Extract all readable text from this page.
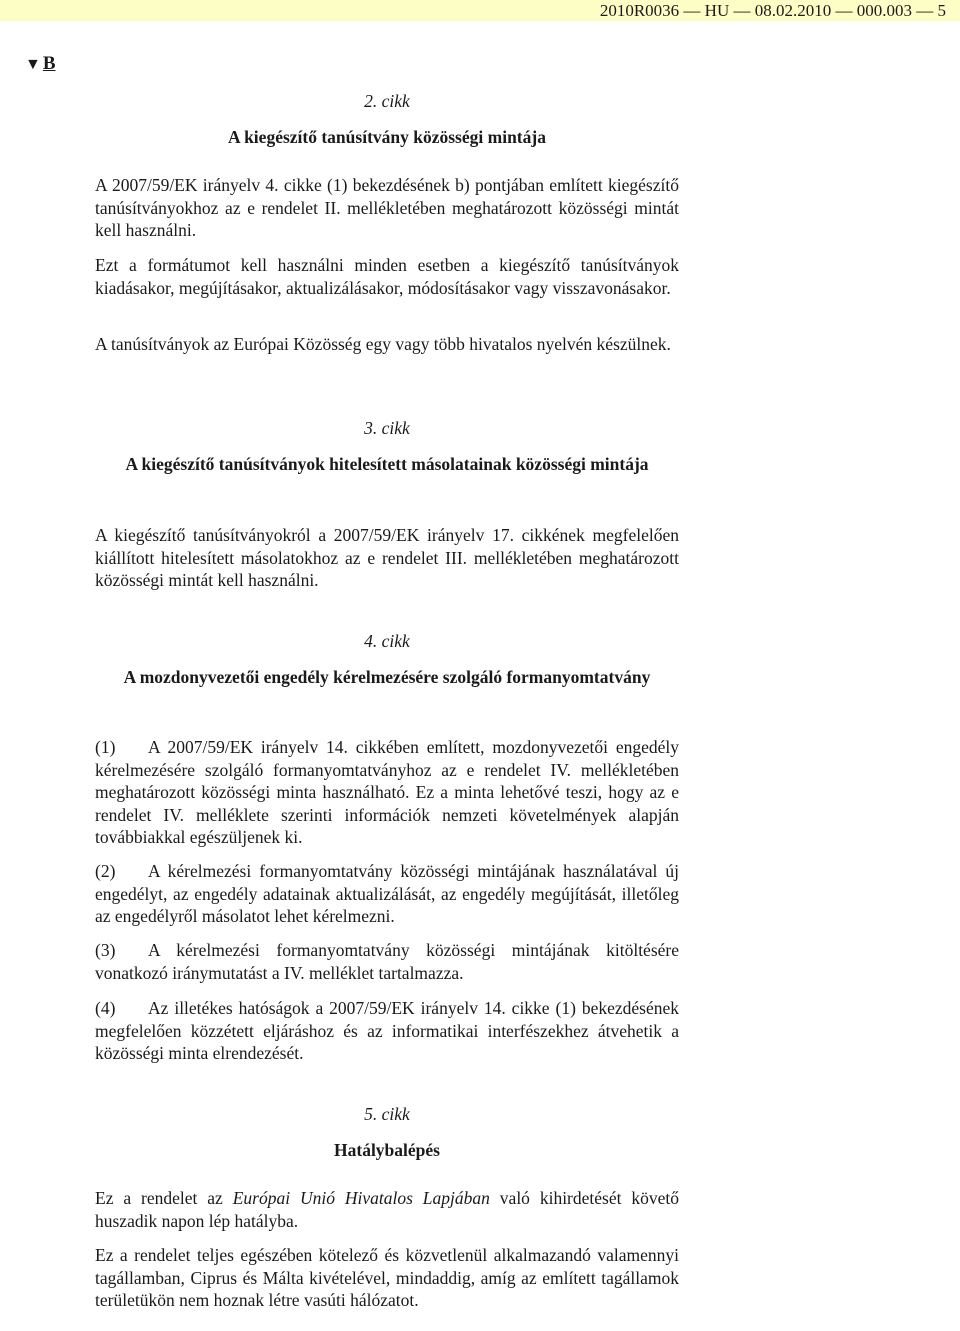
2010R0036 — HU — 08.02.2010 — 000.003 — 5
▼ B
2. cikk
A kiegészítő tanúsítvány közösségi mintája

A 2007/59/EK irányelv 4. cikke (1) bekezdésének b) pontjában említett kiegészítő tanúsítványokhoz az e rendelet II. mellékletében meghatározott közösségi mintát kell használni.

Ezt a formátumot kell használni minden esetben a kiegészítő tanúsítványok kiadásakor, megújításakor, aktualizálásakor, módosításakor vagy visszavonásakor.

A tanúsítványok az Európai Közösség egy vagy több hivatalos nyelvén készülnek.

3. cikk
A kiegészítő tanúsítványok hitelesített másolatainak közösségi mintája

A kiegészítő tanúsítványokról a 2007/59/EK irányelv 17. cikkének megfelelően kiállított hitelesített másolatokhoz az e rendelet III. mellékletében meghatározott közösségi mintát kell használni.

4. cikk
A mozdonyvezetői engedély kérelmezésére szolgáló formanyomtatvány

(1) A 2007/59/EK irányelv 14. cikkében említett, mozdonyvezetői engedély kérelmezésére szolgáló formanyomtatványhoz az e rendelet IV. mellékletében meghatározott közösségi minta használható. Ez a minta lehetővé teszi, hogy az e rendelet IV. melléklete szerinti információk nemzeti követelmények alapján továbbiakkal egészüljenek ki.

(2) A kérelmezési formanyomtatvány közösségi mintájának használatával új engedélyt, az engedély adatainak aktualizálását, az engedély megújítását, illetőleg az engedélyről másolatot lehet kérelmezni.

(3) A kérelmezési formanyomtatvány közösségi mintájának kitöltésére vonatkozó iránymutatást a IV. melléklet tartalmazza.

(4) Az illetékes hatóságok a 2007/59/EK irányelv 14. cikke (1) bekezdésének megfelelően közzétett eljáráshoz és az informatikai interfészekhez átvehetik a közösségi minta elrendezését.

5. cikk
Hatálybalépés

Ez a rendelet az Európai Unió Hivatalos Lapjában való kihirdetését követő huszadik napon lép hatályba.

Ez a rendelet teljes egészében kötelező és közvetlenül alkalmazandó valamennyi tagállamban, Ciprus és Málta kivételével, mindaddig, amíg az említett tagállamok területükön nem hoznak létre vasúti hálózatot.
